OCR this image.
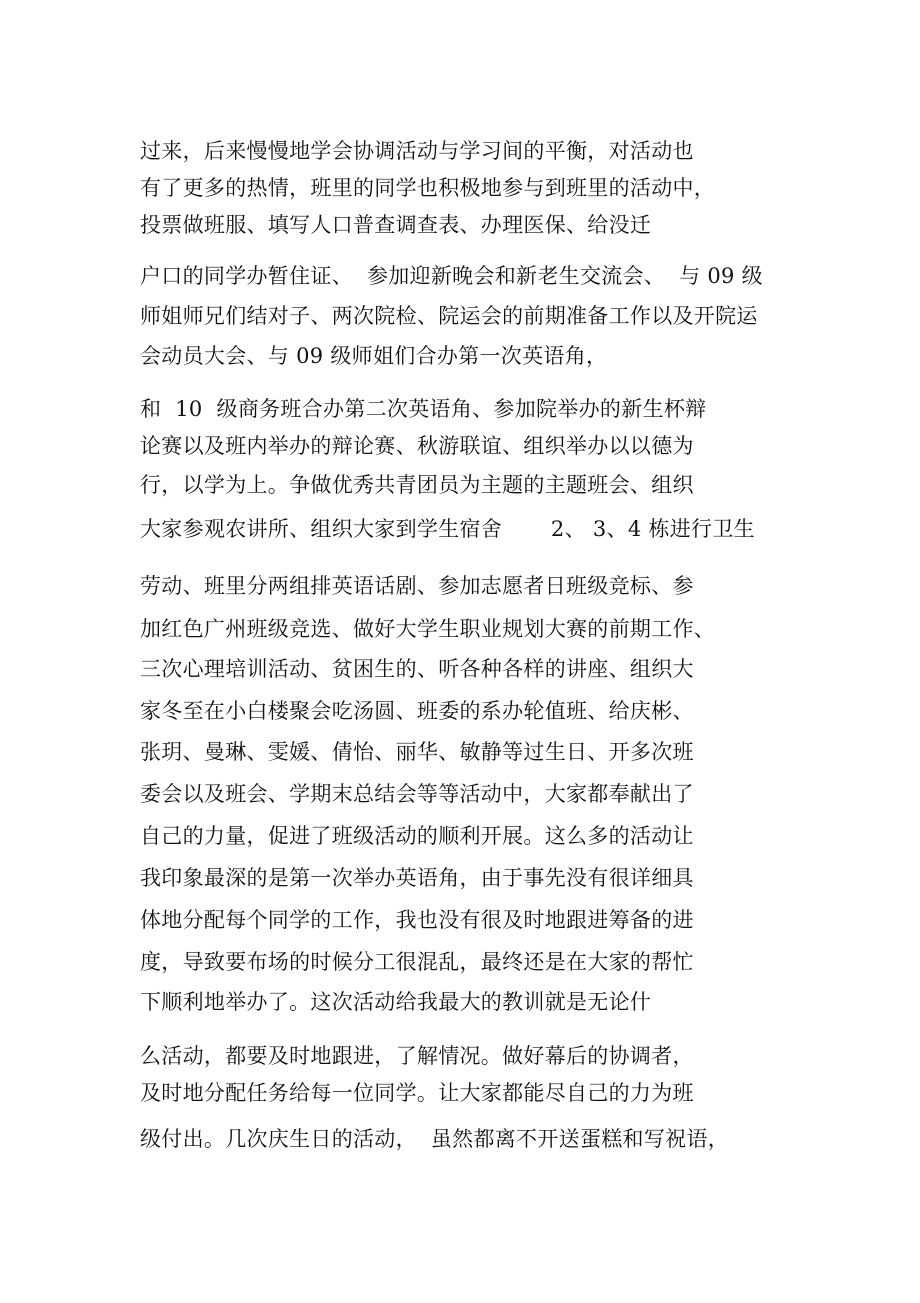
过来，后来慢慢地学会协调活动与学习间的平衡，对活动也
有了更多的热情，班里的同学也积极地参与到班里的活动中，
投票做班服、填写人口普查调查表、办理医保、给没迁
户口的同学办暂住证、  参加迎新晚会和新老生交流会、  与 09 级
师姐师兄们结对子、两次院检、院运会的前期准备工作以及开院运
会动员大会、与 09 级师姐们合办第一次英语角，
和  10  级商务班合办第二次英语角、参加院举办的新生杯辩
论赛以及班内举办的辩论赛、秋游联谊、组织举办以以德为
行，以学为上。争做优秀共青团员为主题的主题班会、组织
大家参观农讲所、组织大家到学生宿舍       2、 3、4 栋进行卫生
劳动、班里分两组排英语话剧、参加志愿者日班级竞标、参
加红色广州班级竞选、做好大学生职业规划大赛的前期工作、
三次心理培训活动、贫困生的、听各种各样的讲座、组织大
家冬至在小白楼聚会吃汤圆、班委的系办轮值班、给庆彬、
张玥、曼琳、雯媛、倩怡、丽华、敏静等过生日、开多次班
委会以及班会、学期末总结会等等活动中，大家都奉献出了
自己的力量，促进了班级活动的顺利开展。这么多的活动让
我印象最深的是第一次举办英语角，由于事先没有很详细具
体地分配每个同学的工作，我也没有很及时地跟进筹备的进
度，导致要布场的时候分工很混乱，最终还是在大家的帮忙
下顺利地举办了。这次活动给我最大的教训就是无论什
么活动，都要及时地跟进，了解情况。做好幕后的协调者，
及时地分配任务给每一位同学。让大家都能尽自己的力为班
级付出。几次庆生日的活动，  虽然都离不开送蛋糕和写祝语，
